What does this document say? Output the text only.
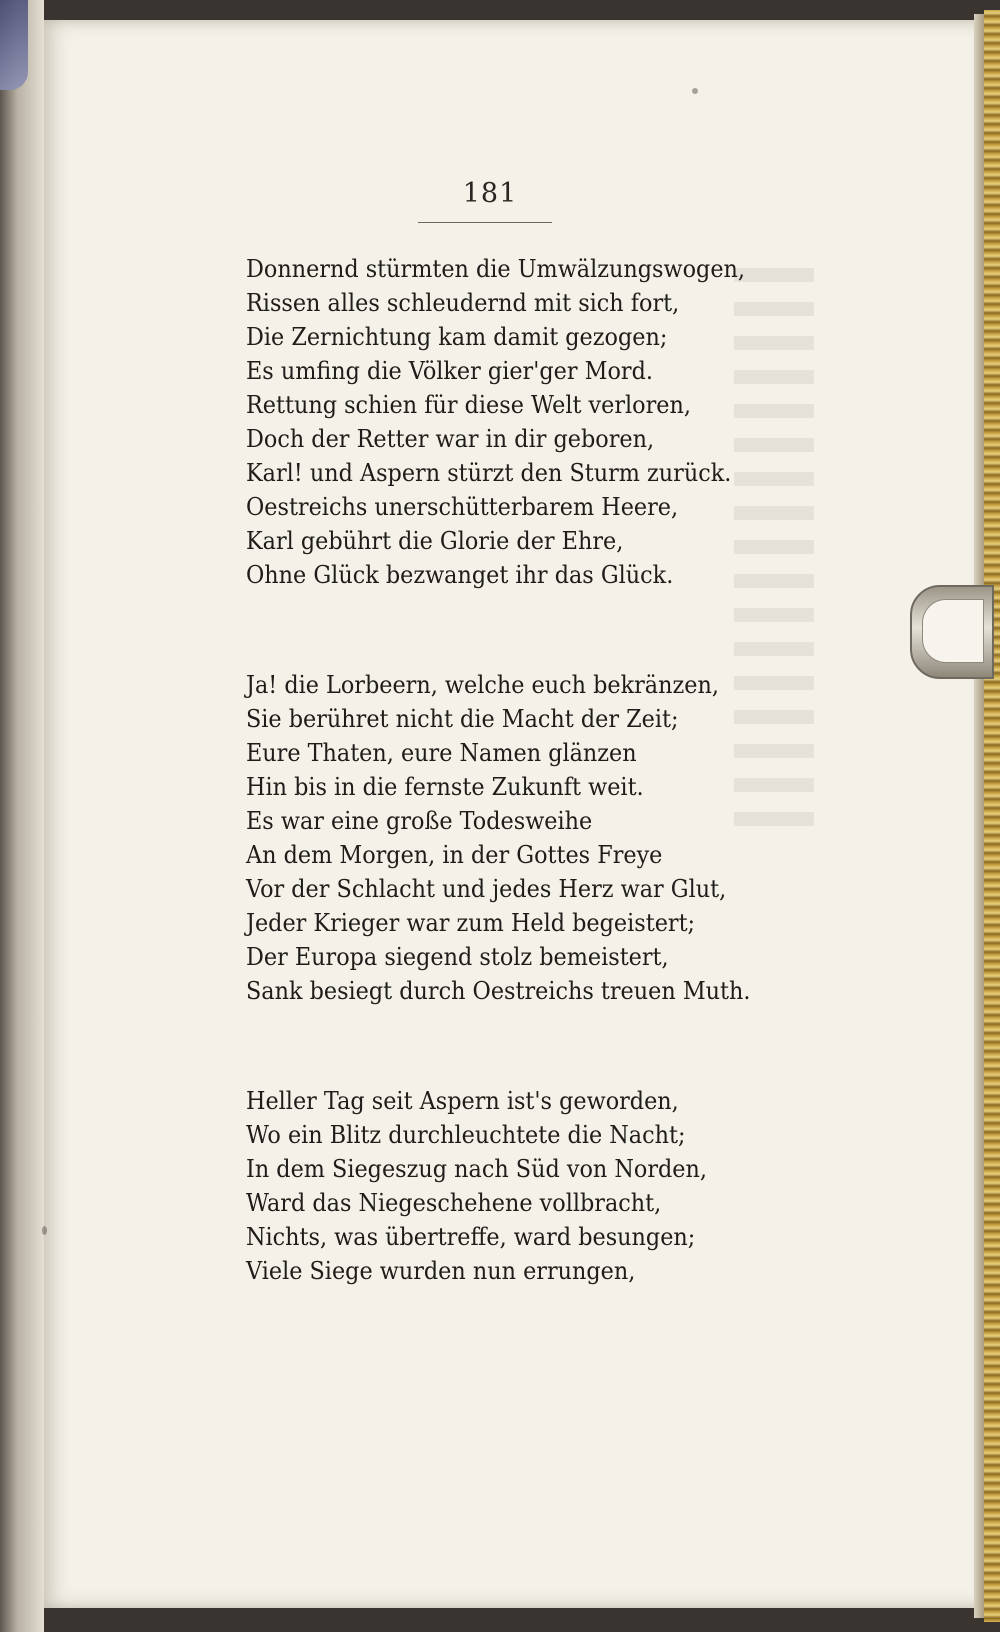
181
Donnernd stürmten die Umwälzungswogen,
Rissen alles schleudernd mit sich fort,
Die Zernichtung kam damit gezogen;
Es umfing die Völker gier'ger Mord.
Rettung schien für diese Welt verloren,
Doch der Retter war in dir geboren,
Karl! und Aspern stürzt den Sturm zurück.
Oestreichs unerschütterbarem Heere,
Karl gebührt die Glorie der Ehre,
Ohne Glück bezwanget ihr das Glück.
Ja! die Lorbeern, welche euch bekränzen,
Sie berühret nicht die Macht der Zeit;
Eure Thaten, eure Namen glänzen
Hin bis in die fernste Zukunft weit.
Es war eine große Todesweihe
An dem Morgen, in der Gottes Freye
Vor der Schlacht und jedes Herz war Glut,
Jeder Krieger war zum Held begeistert;
Der Europa siegend stolz bemeistert,
Sank besiegt durch Oestreichs treuen Muth.
Heller Tag seit Aspern ist's geworden,
Wo ein Blitz durchleuchtete die Nacht;
In dem Siegeszug nach Süd von Norden,
Ward das Niegeschehene vollbracht,
Nichts, was übertreffe, ward besungen;
Viele Siege wurden nun errungen,
